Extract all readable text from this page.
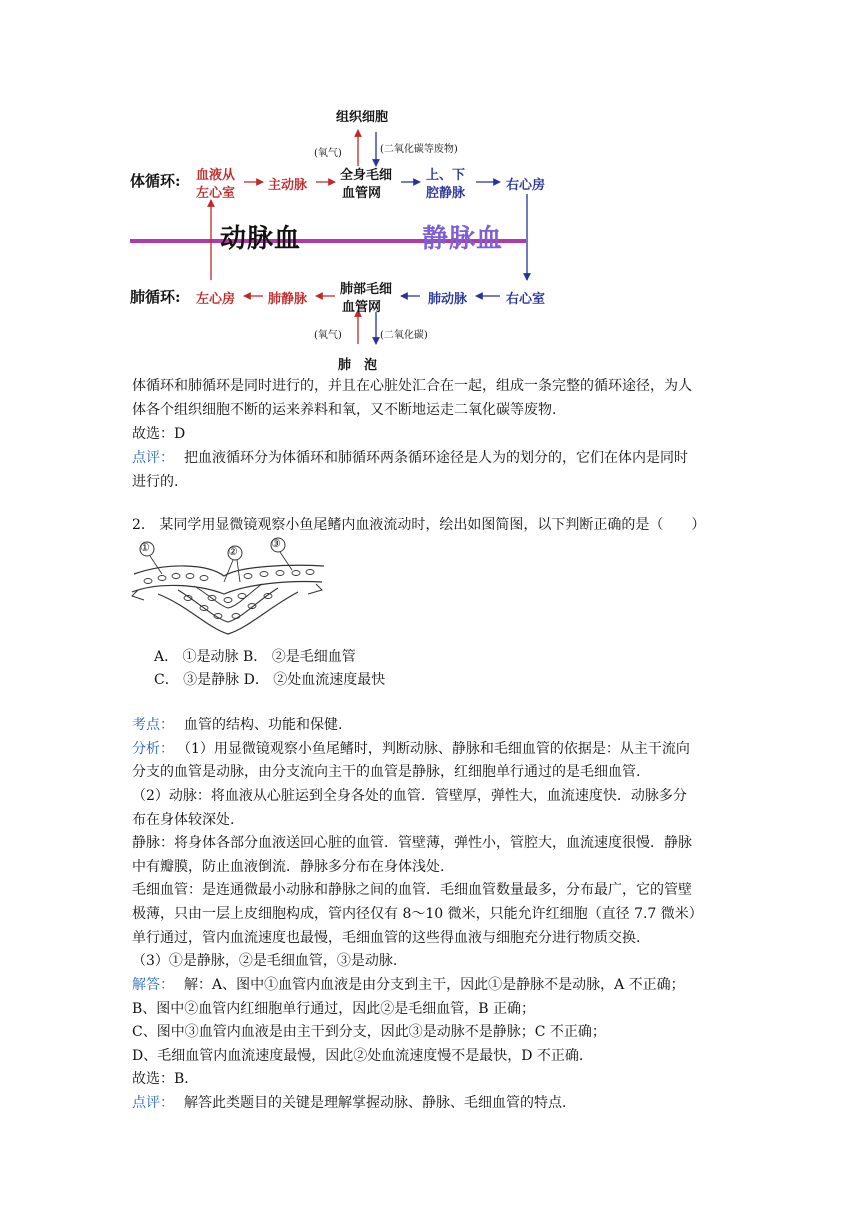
组织细胞
(氧气)	(二氧化碳等废物)
体循环: 血液从
左心室
主动脉
全身毛细
血管网
上、下
腔静脉
右心房
动脉血	静脉血
肺循环: 左心房	肺静脉
肺部毛细
血管网
肺动脉	右心室
(氧气)	(二氧化碳)
肺　泡
体循环和肺循环是同时进行的，并且在心脏处汇合在一起，组成一条完整的循环途径，为人
体各个组织细胞不断的运来养料和氧，又不断地运走二氧化碳等废物.
故选：D
点评： 把血液循环分为体循环和肺循环两条循环途径是人为的划分的，它们在体内是同时
进行的.
2． 某同学用显微镜观察小鱼尾鳍内血液流动时，绘出如图简图，以下判断正确的是（　　）
①	②
③
A． ①是动脉 B． ②是毛细血管
C． ③是静脉 D． ②处血流速度最快
考点： 血管的结构、功能和保健.
分析： （1）用显微镜观察小鱼尾鳍时，判断动脉、静脉和毛细血管的依据是：从主干流向
分支的血管是动脉，由分支流向主干的血管是静脉，红细胞单行通过的是毛细血管.
（2）动脉：将血液从心脏运到全身各处的血管．管壁厚，弹性大，血流速度快．动脉多分
布在身体较深处.
静脉：将身体各部分血液送回心脏的血管．管壁薄，弹性小，管腔大，血流速度很慢．静脉
中有瓣膜，防止血液倒流．静脉多分布在身体浅处.
毛细血管：是连通微最小动脉和静脉之间的血管．毛细血管数量最多，分布最广，它的管壁
极薄，只由一层上皮细胞构成，管内径仅有 8～10 微米，只能允许红细胞（直径 7.7 微米）
单行通过，管内血流速度也最慢，毛细血管的这些得血液与细胞充分进行物质交换.
（3）①是静脉，②是毛细血管，③是动脉.
解答： 解：A、图中①血管内血液是由分支到主干，因此①是静脉不是动脉，A 不正确；
B、图中②血管内红细胞单行通过，因此②是毛细血管，B 正确；
C、图中③血管内血液是由主干到分支，因此③是动脉不是静脉；C 不正确；
D、毛细血管内血流速度最慢，因此②处血流速度慢不是最快，D 不正确.
故选：B.
点评： 解答此类题目的关键是理解掌握动脉、静脉、毛细血管的特点.
